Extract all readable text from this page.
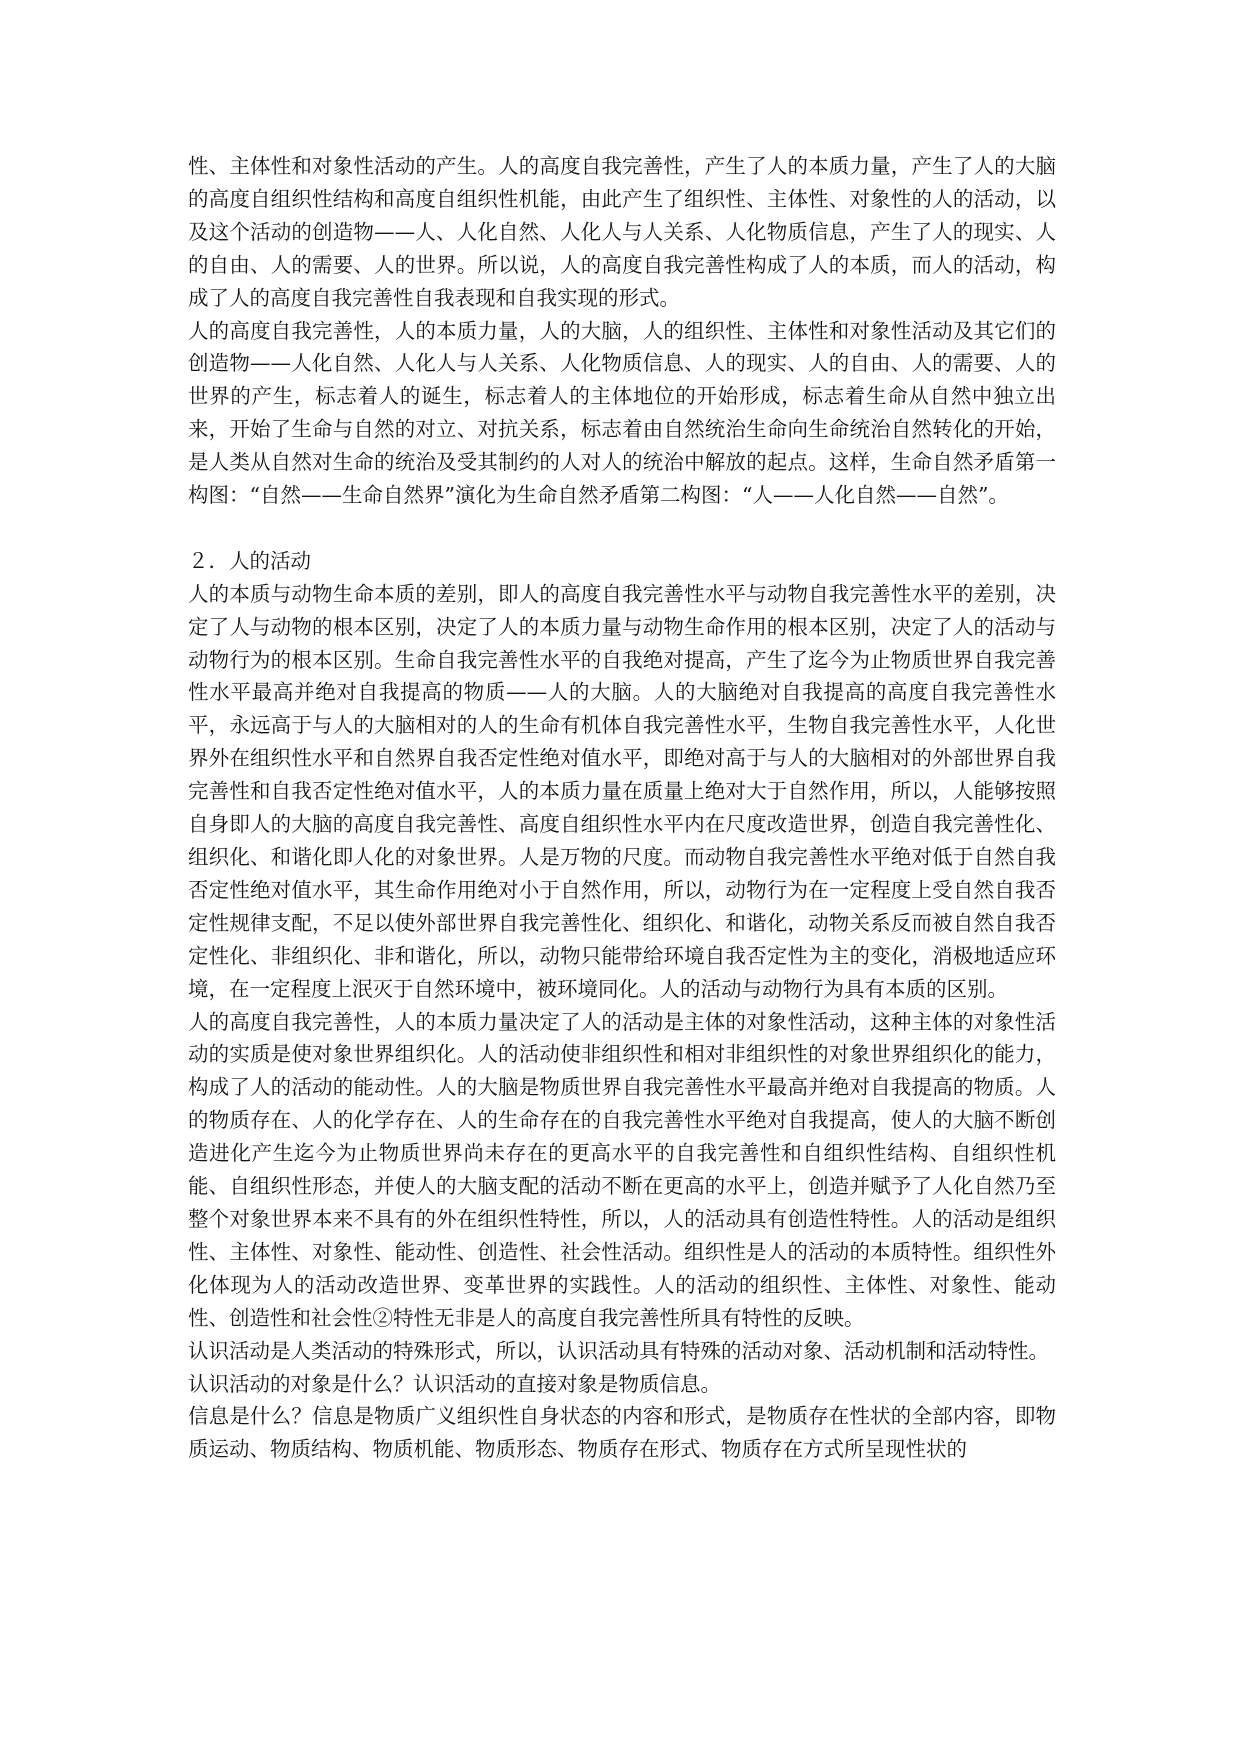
性、主体性和对象性活动的产生。人的高度自我完善性，产生了人的本质力量，产生了人的大脑的高度自组织性结构和高度自组织性机能，由此产生了组织性、主体性、对象性的人的活动，以及这个活动的创造物——人、人化自然、人化人与人关系、人化物质信息，产生了人的现实、人的自由、人的需要、人的世界。所以说，人的高度自我完善性构成了人的本质，而人的活动，构成了人的高度自我完善性自我表现和自我实现的形式。

人的高度自我完善性，人的本质力量，人的大脑，人的组织性、主体性和对象性活动及其它们的创造物——人化自然、人化人与人关系、人化物质信息、人的现实、人的自由、人的需要、人的世界的产生，标志着人的诞生，标志着人的主体地位的开始形成，标志着生命从自然中独立出来，开始了生命与自然的对立、对抗关系，标志着由自然统治生命向生命统治自然转化的开始，是人类从自然对生命的统治及受其制约的人对人的统治中解放的起点。这样，生命自然矛盾第一构图：“自然——生命自然界”演化为生命自然矛盾第二构图：“人——人化自然——自然”。

２．人的活动

人的本质与动物生命本质的差别，即人的高度自我完善性水平与动物自我完善性水平的差别，决定了人与动物的根本区别，决定了人的本质力量与动物生命作用的根本区别，决定了人的活动与动物行为的根本区别。生命自我完善性水平的自我绝对提高，产生了迄今为止物质世界自我完善性水平最高并绝对自我提高的物质——人的大脑。人的大脑绝对自我提高的高度自我完善性水平，永远高于与人的大脑相对的人的生命有机体自我完善性水平，生物自我完善性水平，人化世界外在组织性水平和自然界自我否定性绝对值水平，即绝对高于与人的大脑相对的外部世界自我完善性和自我否定性绝对值水平，人的本质力量在质量上绝对大于自然作用，所以，人能够按照自身即人的大脑的高度自我完善性、高度自组织性水平内在尺度改造世界，创造自我完善性化、组织化、和谐化即人化的对象世界。人是万物的尺度。而动物自我完善性水平绝对低于自然自我否定性绝对值水平，其生命作用绝对小于自然作用，所以，动物行为在一定程度上受自然自我否定性规律支配，不足以使外部世界自我完善性化、组织化、和谐化，动物关系反而被自然自我否定性化、非组织化、非和谐化，所以，动物只能带给环境自我否定性为主的变化，消极地适应环境，在一定程度上泯灭于自然环境中，被环境同化。人的活动与动物行为具有本质的区别。

人的高度自我完善性，人的本质力量决定了人的活动是主体的对象性活动，这种主体的对象性活动的实质是使对象世界组织化。人的活动使非组织性和相对非组织性的对象世界组织化的能力，构成了人的活动的能动性。人的大脑是物质世界自我完善性水平最高并绝对自我提高的物质。人的物质存在、人的化学存在、人的生命存在的自我完善性水平绝对自我提高，使人的大脑不断创造进化产生迄今为止物质世界尚未存在的更高水平的自我完善性和自组织性结构、自组织性机能、自组织性形态，并使人的大脑支配的活动不断在更高的水平上，创造并赋予了人化自然乃至整个对象世界本来不具有的外在组织性特性，所以，人的活动具有创造性特性。人的活动是组织性、主体性、对象性、能动性、创造性、社会性活动。组织性是人的活动的本质特性。组织性外化体现为人的活动改造世界、变革世界的实践性。人的活动的组织性、主体性、对象性、能动性、创造性和社会性②特性无非是人的高度自我完善性所具有特性的反映。

认识活动是人类活动的特殊形式，所以，认识活动具有特殊的活动对象、活动机制和活动特性。

认识活动的对象是什么？认识活动的直接对象是物质信息。

信息是什么？信息是物质广义组织性自身状态的内容和形式，是物质存在性状的全部内容，即物质运动、物质结构、物质机能、物质形态、物质存在形式、物质存在方式所呈现性状的
